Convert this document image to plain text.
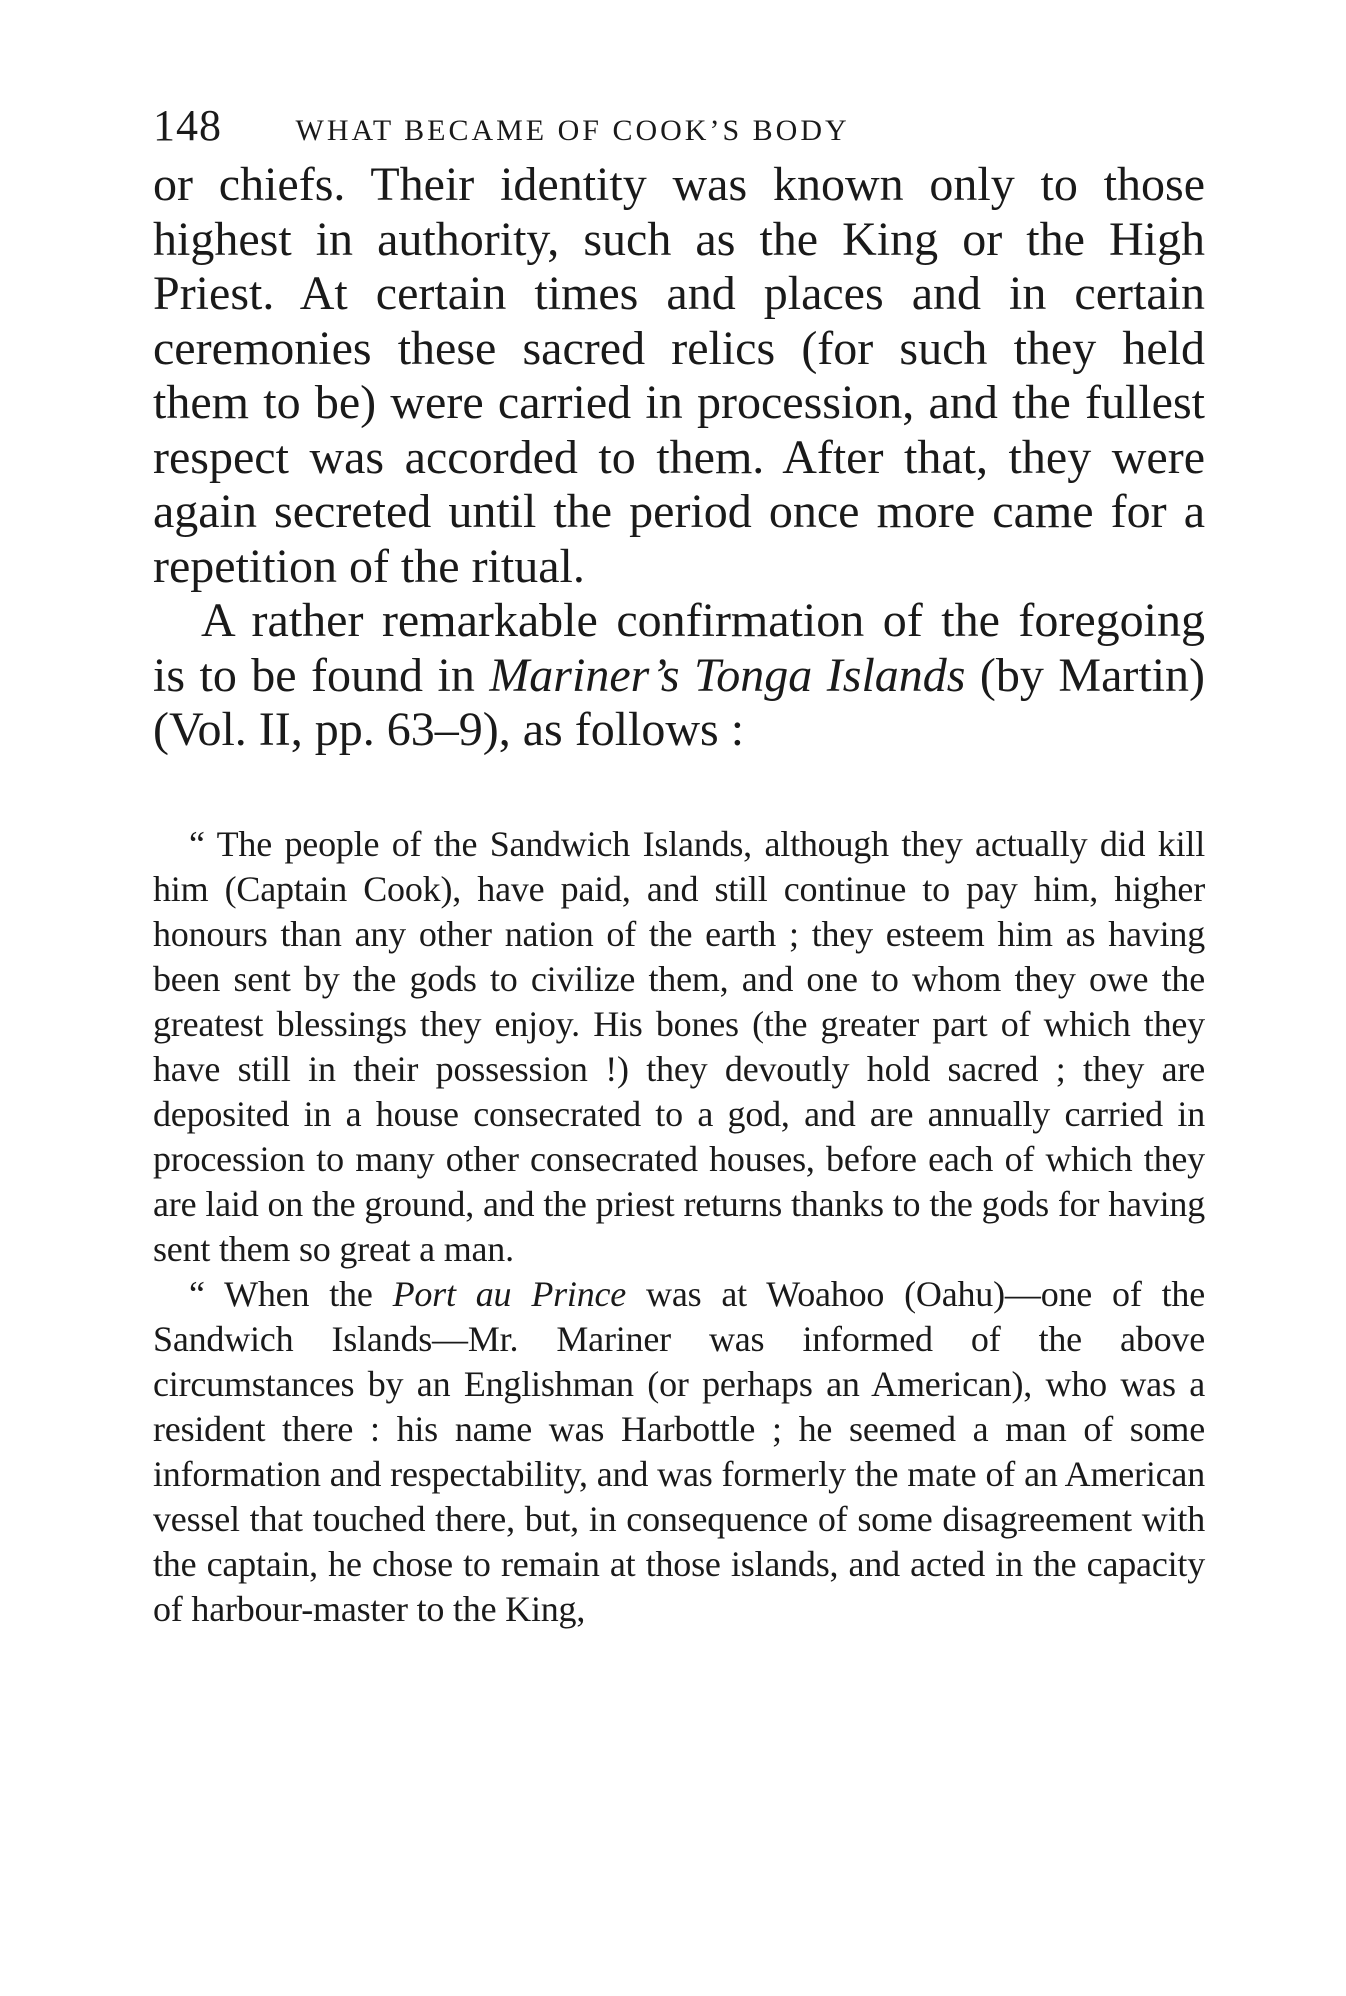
148 WHAT BECAME OF COOK’S BODY

or chiefs. Their identity was known only to those highest in authority, such as the King or the High Priest. At certain times and places and in certain ceremonies these sacred relics (for such they held them to be) were carried in procession, and the fullest respect was accorded to them. After that, they were again secreted until the period once more came for a repetition of the ritual.

A rather remarkable confirmation of the foregoing is to be found in Mariner’s Tonga Islands (by Martin) (Vol. II, pp. 63–9), as follows :

“ The people of the Sandwich Islands, although they actually did kill him (Captain Cook), have paid, and still continue to pay him, higher honours than any other nation of the earth ; they esteem him as having been sent by the gods to civilize them, and one to whom they owe the greatest blessings they enjoy. His bones (the greater part of which they have still in their possession !) they devoutly hold sacred ; they are deposited in a house consecrated to a god, and are annually carried in procession to many other consecrated houses, before each of which they are laid on the ground, and the priest returns thanks to the gods for having sent them so great a man.

“ When the Port au Prince was at Woahoo (Oahu)—one of the Sandwich Islands—Mr. Mariner was informed of the above circumstances by an Englishman (or perhaps an American), who was a resident there : his name was Harbottle ; he seemed a man of some information and respectability, and was formerly the mate of an American vessel that touched there, but, in consequence of some disagreement with the captain, he chose to remain at those islands, and acted in the capacity of harbour-master to the King,
